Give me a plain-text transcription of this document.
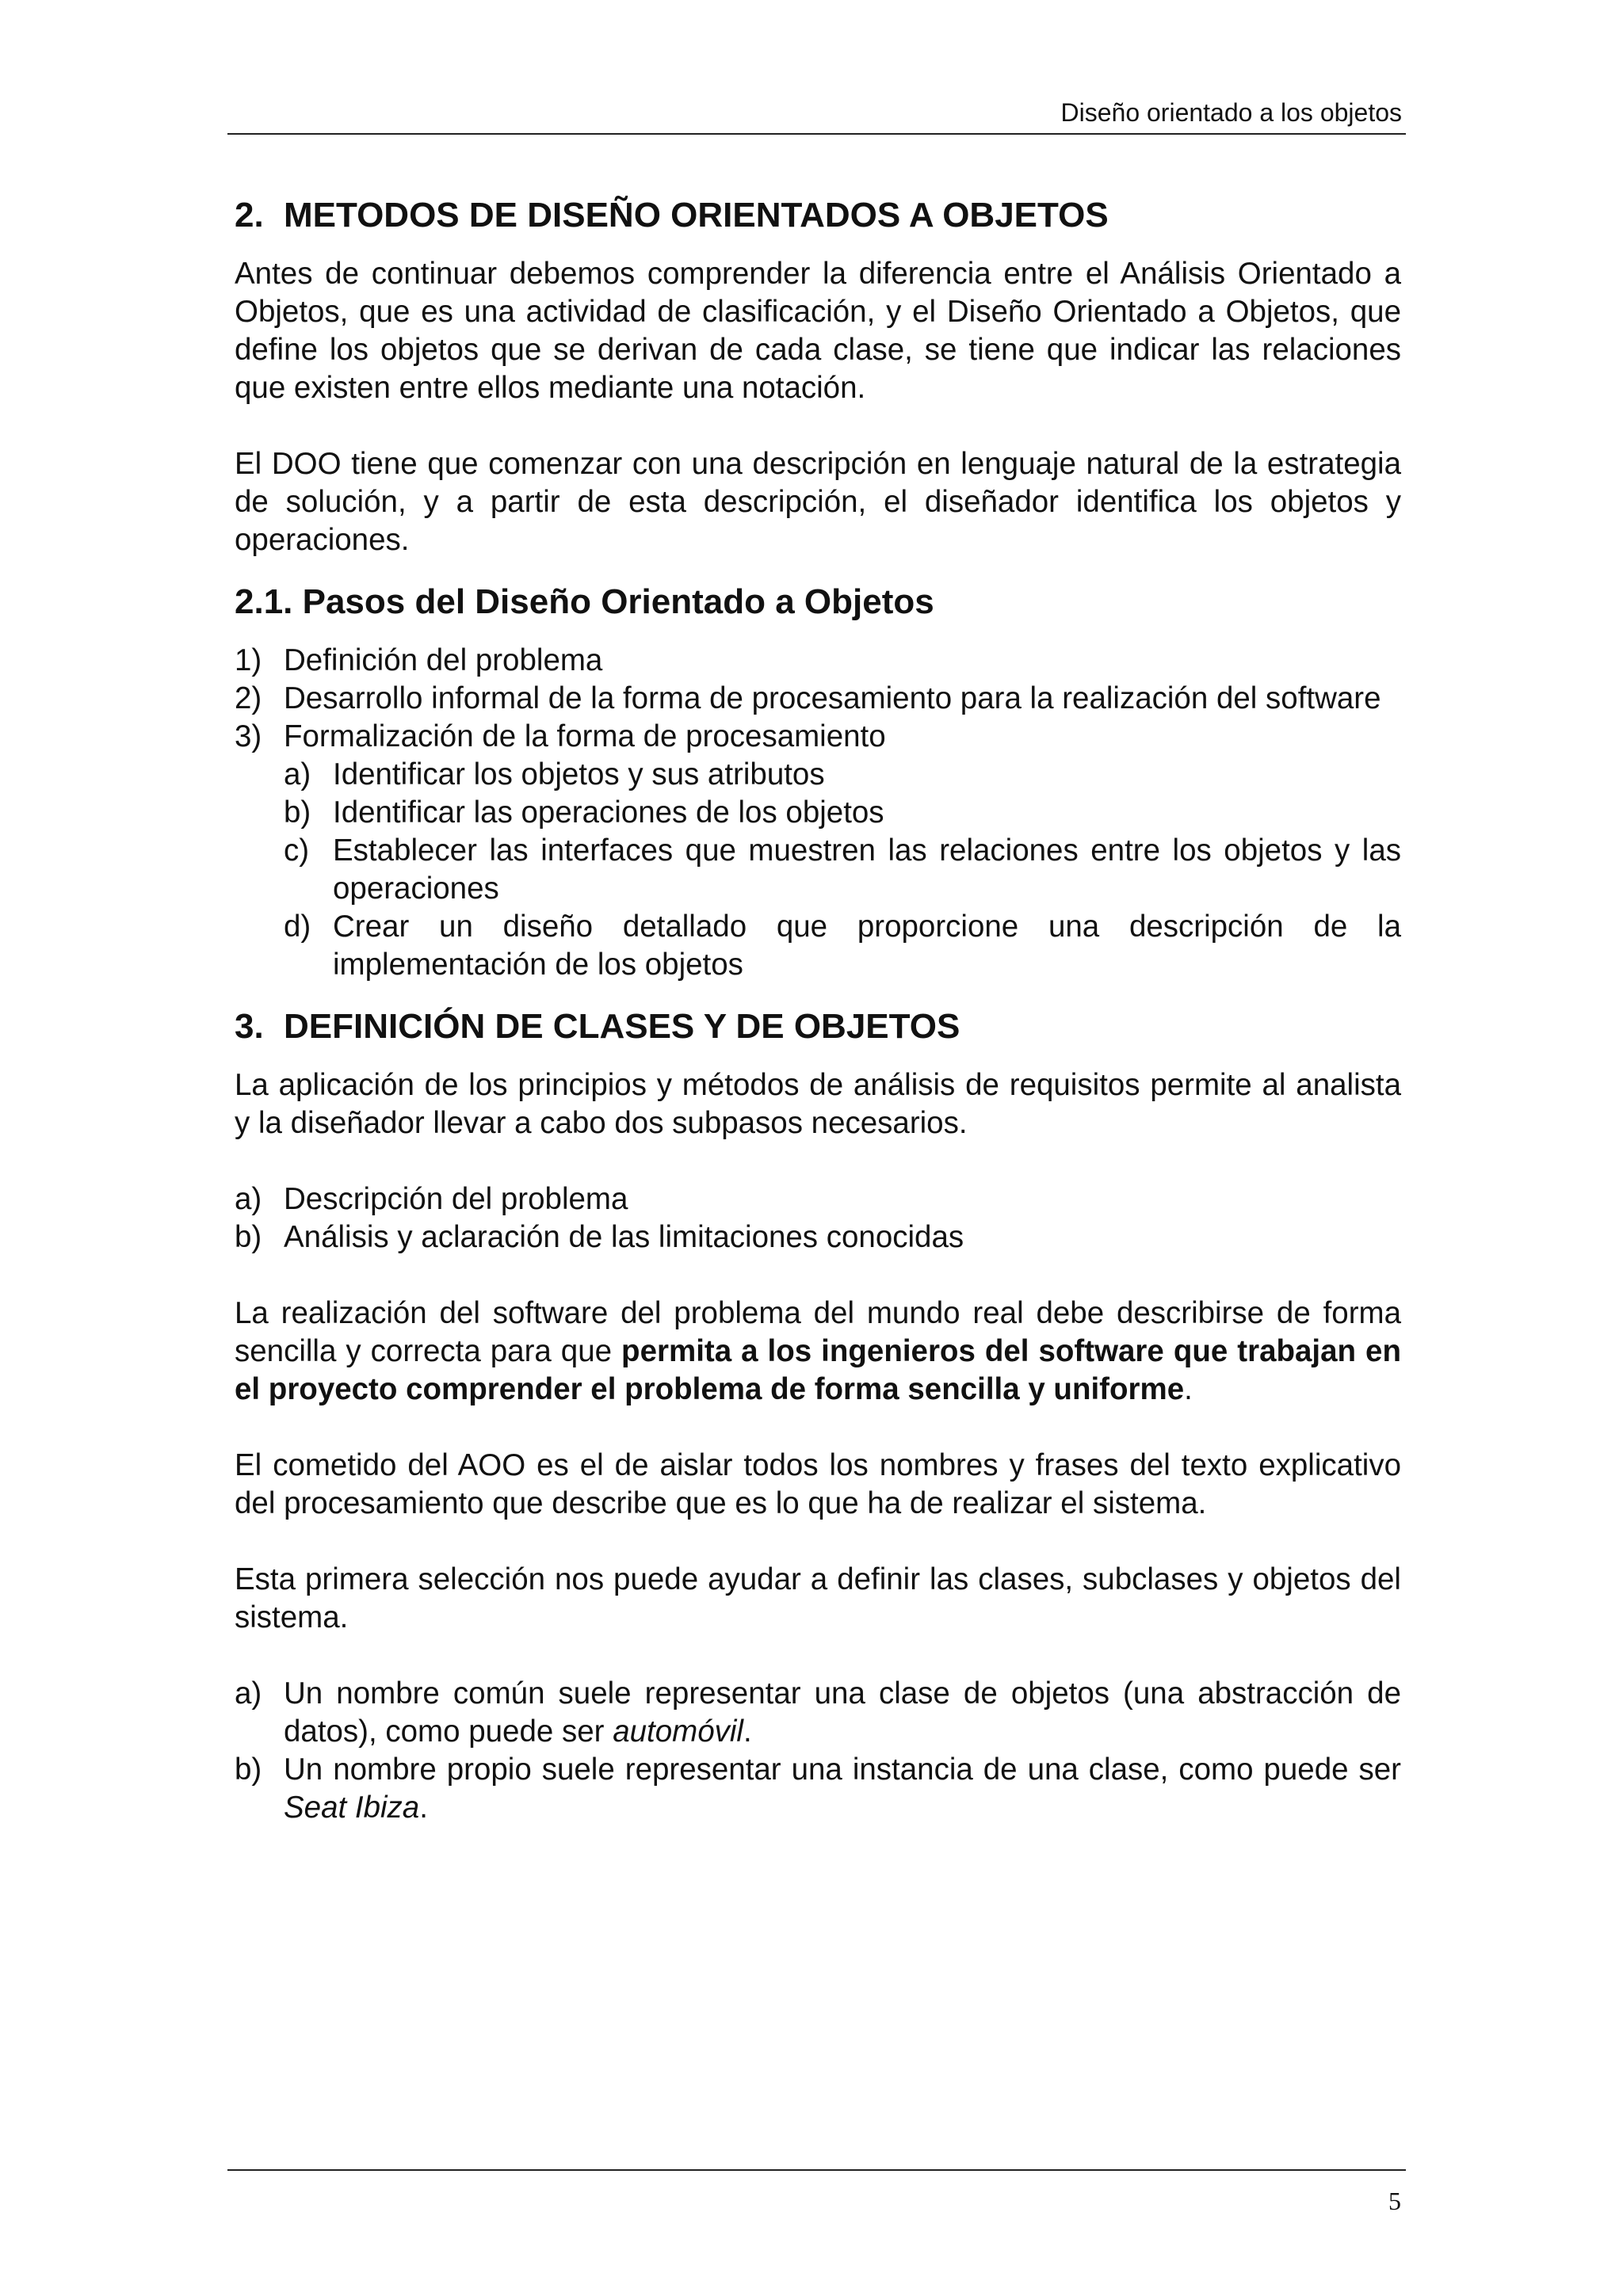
Diseño orientado a los objetos
2. METODOS DE DISEÑO ORIENTADOS A OBJETOS

Antes de continuar debemos comprender la diferencia entre el Análisis Orientado a Objetos, que es una actividad de clasificación, y el Diseño Orientado a Objetos, que define los objetos que se derivan de cada clase, se tiene que indicar las relaciones que existen entre ellos mediante una notación.

El DOO tiene que comenzar con una descripción en lenguaje natural de la estrategia de solución, y a partir de esta descripción, el diseñador identifica los objetos y operaciones.

2.1. Pasos del Diseño Orientado a Objetos
1) Definición del problema
2) Desarrollo informal de la forma de procesamiento para la realización del software
3) Formalización de la forma de procesamiento
a) Identificar los objetos y sus atributos
b) Identificar las operaciones de los objetos
c) Establecer las interfaces que muestren las relaciones entre los objetos y las operaciones
d) Crear un diseño detallado que proporcione una descripción de la implementación de los objetos
3. DEFINICIÓN DE CLASES Y DE OBJETOS

La aplicación de los principios y métodos de análisis de requisitos permite al analista y la diseñador llevar a cabo dos subpasos necesarios.

a) Descripción del problema
b) Análisis y aclaración de las limitaciones conocidas

La realización del software del problema del mundo real debe describirse de forma sencilla y correcta para que permita a los ingenieros del software que trabajan en el proyecto comprender el problema de forma sencilla y uniforme.

El cometido del AOO es el de aislar todos los nombres y frases del texto explicativo del procesamiento que describe que es lo que ha de realizar el sistema.

Esta primera selección nos puede ayudar a definir las clases, subclases y objetos del sistema.

a) Un nombre común suele representar una clase de objetos (una abstracción de datos), como puede ser automóvil.
b) Un nombre propio suele representar una instancia de una clase, como puede ser Seat Ibiza.
5
